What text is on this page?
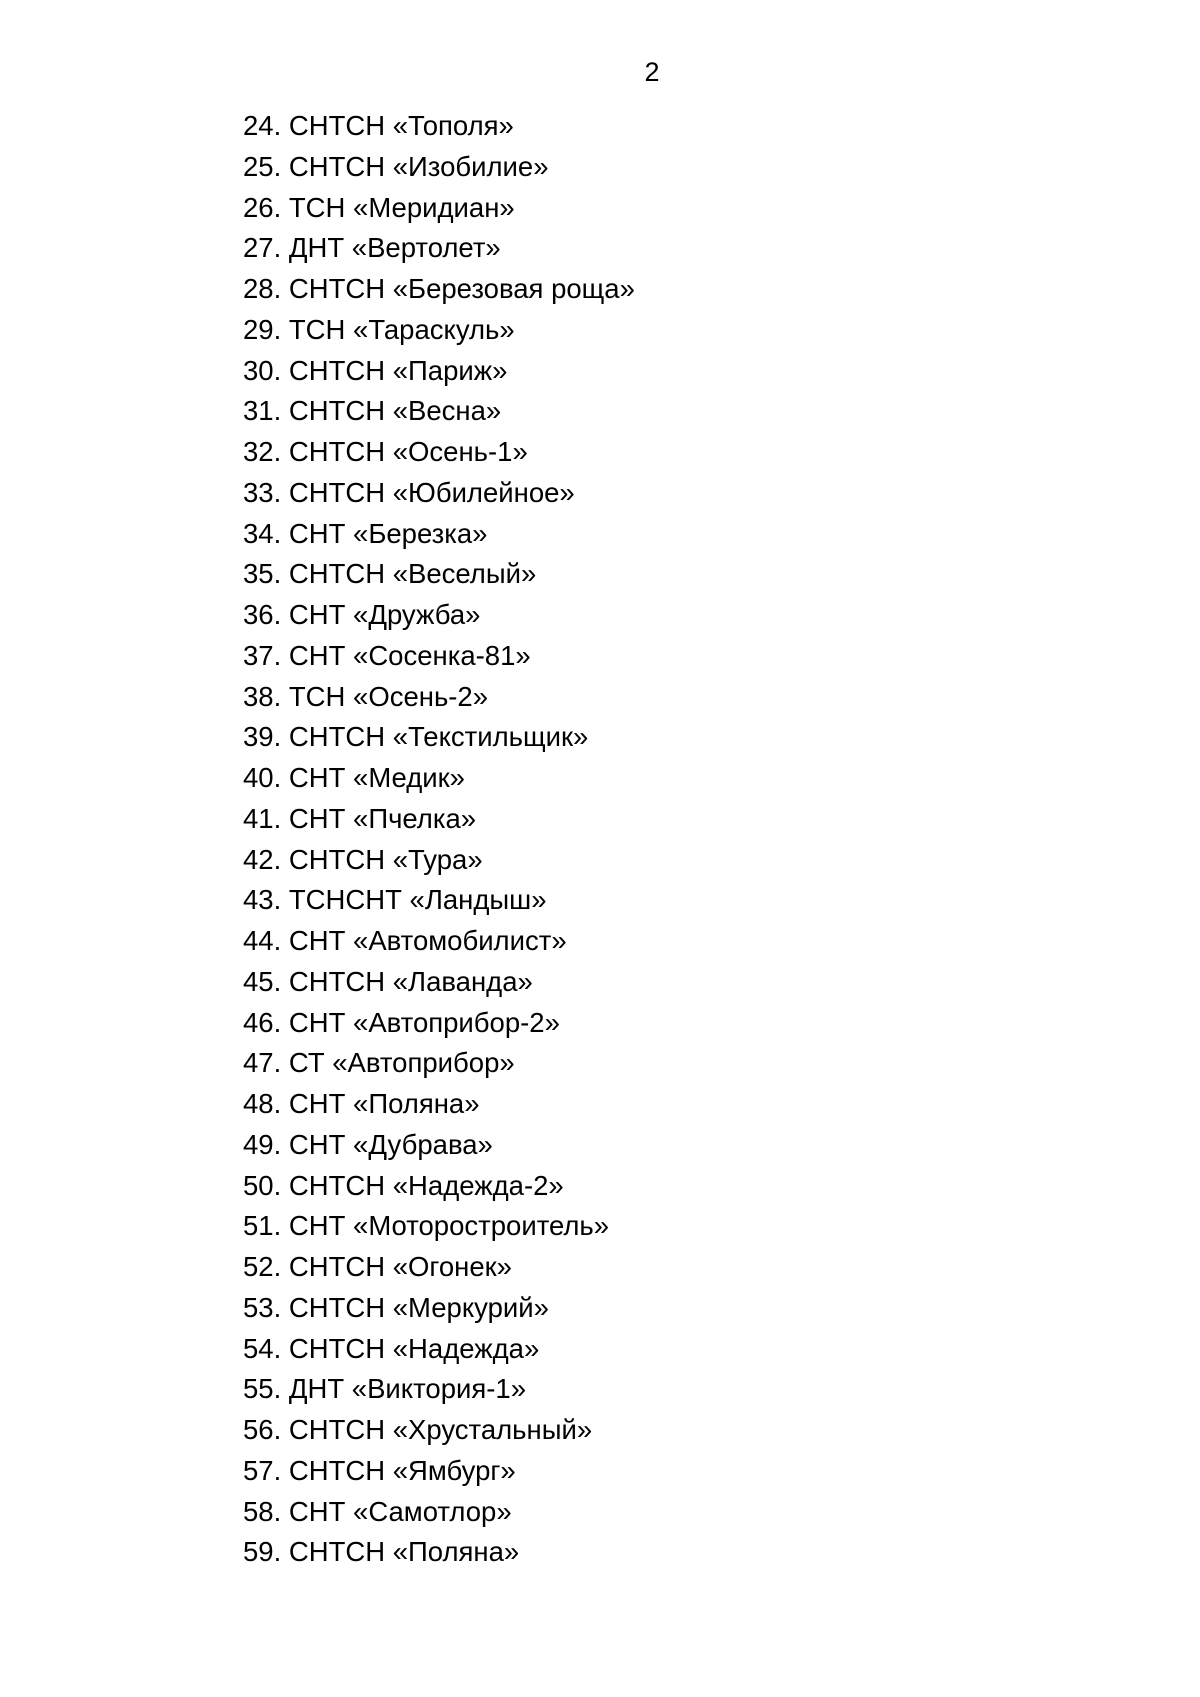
2
24. СНТСН «Тополя»
25. СНТСН «Изобилие»
26. ТСН «Меридиан»
27. ДНТ «Вертолет»
28. СНТСН «Березовая роща»
29. ТСН «Тараскуль»
30. СНТСН «Париж»
31. СНТСН «Весна»
32. СНТСН «Осень-1»
33. СНТСН «Юбилейное»
34. СНТ «Березка»
35. СНТСН «Веселый»
36. СНТ «Дружба»
37. СНТ «Сосенка-81»
38. ТСН «Осень-2»
39. СНТСН «Текстильщик»
40. СНТ «Медик»
41. СНТ «Пчелка»
42. СНТСН «Тура»
43. ТСНСНТ «Ландыш»
44. СНТ «Автомобилист»
45. СНТСН «Лаванда»
46. СНТ «Автоприбор-2»
47. СТ «Автоприбор»
48. СНТ «Поляна»
49. СНТ «Дубрава»
50. СНТСН «Надежда-2»
51. СНТ «Моторостроитель»
52. СНТСН «Огонек»
53. СНТСН «Меркурий»
54. СНТСН «Надежда»
55. ДНТ «Виктория-1»
56. СНТСН «Хрустальный»
57. СНТСН «Ямбург»
58. СНТ «Самотлор»
59. СНТСН «Поляна»
